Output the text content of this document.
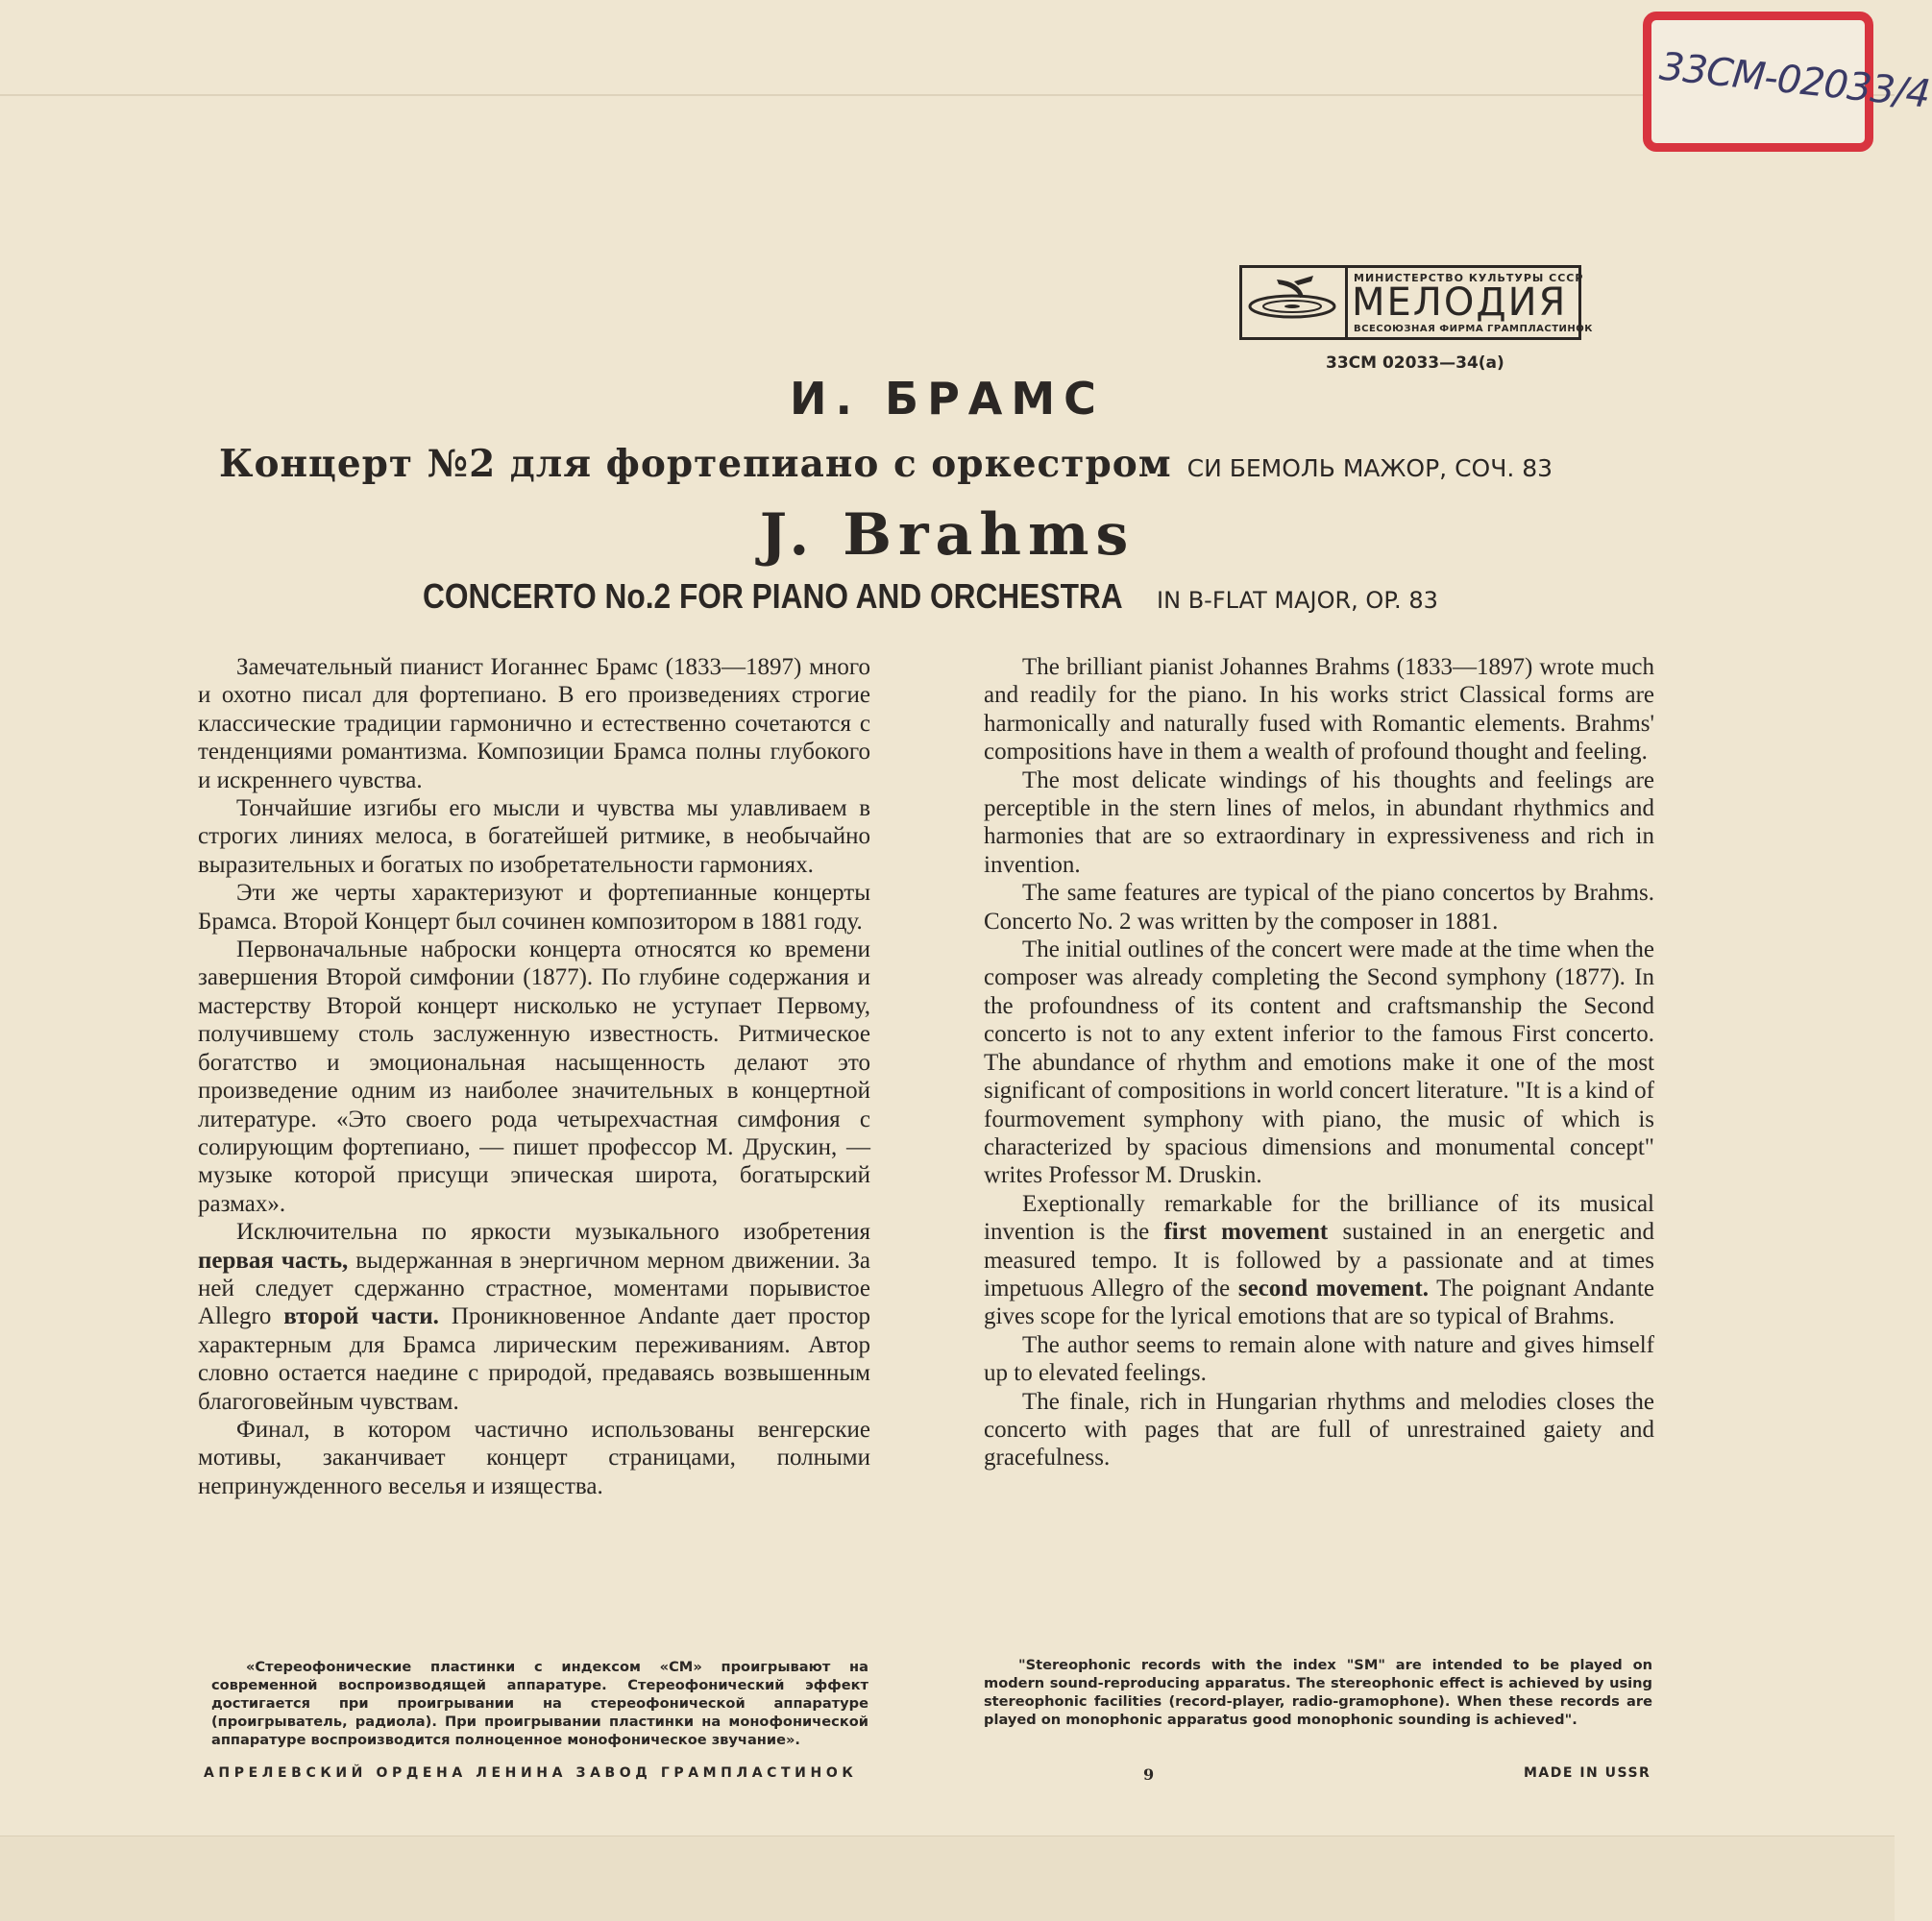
33СМ-02033/4
МИНИСТЕРСТВО КУЛЬТУРЫ СССР
МЕЛОДИЯ
ВСЕСОЮЗНАЯ ФИРМА ГРАМПЛАСТИНОК
33СМ 02033—34(а)
И. БРАМС
Концерт №2 для фортепиано с оркестром СИ БЕМОЛЬ МАЖОР, СОЧ. 83
J. Brahms
CONCERTO No.2 FOR PIANO AND ORCHESTRA IN B-FLAT MAJOR, OP. 83

Замечательный пианист Иоганнес Брамс (1833—1897) много и охотно писал для фортепиано. В его произведениях строгие классические традиции гармонично и естественно сочетаются с тенденциями романтизма. Композиции Брамса полны глубокого и искреннего чувства.

Тончайшие изгибы его мысли и чувства мы улавливаем в строгих линиях мелоса, в богатейшей ритмике, в необычайно выразительных и богатых по изобретательности гармониях.

Эти же черты характеризуют и фортепианные концерты Брамса. Второй Концерт был сочинен композитором в 1881 году.

Первоначальные наброски концерта относятся ко времени завершения Второй симфонии (1877). По глубине содержания и мастерству Второй концерт нисколько не уступает Первому, получившему столь заслуженную известность. Ритмическое богатство и эмоциональная насыщенность делают это произведение одним из наиболее значительных в концертной литературе. «Это своего рода четырехчастная симфония с солирующим фортепиано, — пишет профессор М. Друскин, — музыке которой присущи эпическая широта, богатырский размах».

Исключительна по яркости музыкального изобретения первая часть, выдержанная в энергичном мерном движении. За ней следует сдержанно страстное, моментами порывистое Allegro второй части. Проникновенное Andante дает простор характерным для Брамса лирическим переживаниям. Автор словно остается наедине с природой, предаваясь возвышенным благоговейным чувствам.

Финал, в котором частично использованы венгерские мотивы, заканчивает концерт страницами, полными непринужденного веселья и изящества.

The brilliant pianist Johannes Brahms (1833—1897) wrote much and readily for the piano. In his works strict Classical forms are harmonically and naturally fused with Romantic elements. Brahms' compositions have in them a wealth of profound thought and feeling.

The most delicate windings of his thoughts and feelings are perceptible in the stern lines of melos, in abundant rhythmics and harmonies that are so extraordinary in expressiveness and rich in invention.

The same features are typical of the piano concertos by Brahms. Concerto No. 2 was written by the composer in 1881.

The initial outlines of the concert were made at the time when the composer was already completing the Second symphony (1877). In the profoundness of its content and craftsmanship the Second concerto is not to any extent inferior to the famous First concerto. The abundance of rhythm and emotions make it one of the most significant of compositions in world concert literature. "It is a kind of fourmovement symphony with piano, the music of which is characterized by spacious dimensions and monumental concept" writes Professor M. Druskin.

Exeptionally remarkable for the brilliance of its musical invention is the first movement sustained in an energetic and measured tempo. It is followed by a passionate and at times impetuous Allegro of the second movement. The poignant Andante gives scope for the lyrical emotions that are so typical of Brahms.

The author seems to remain alone with nature and gives himself up to elevated feelings.

The finale, rich in Hungarian rhythms and melodies closes the concerto with pages that are full of unrestrained gaiety and gracefulness.

«Стереофонические пластинки с индексом «СМ» проигрывают на современной воспроизводящей аппаратуре. Стереофонический эффект достигается при проигрывании на стереофонической аппаратуре (проигрыватель, радиола). При проигрывании пластинки на монофонической аппаратуре воспроизводится полноценное монофоническое звучание».
"Stereophonic records with the index "SM" are intended to be played on modern sound-reproducing apparatus. The stereophonic effect is achieved by using stereophonic facilities (record-player, radio-gramophone). When these records are played on monophonic apparatus good monophonic sounding is achieved".
АПРЕЛЕВСКИЙ ОРДЕНА ЛЕНИНА ЗАВОД ГРАМПЛАСТИНОК	9	MADE IN USSR
